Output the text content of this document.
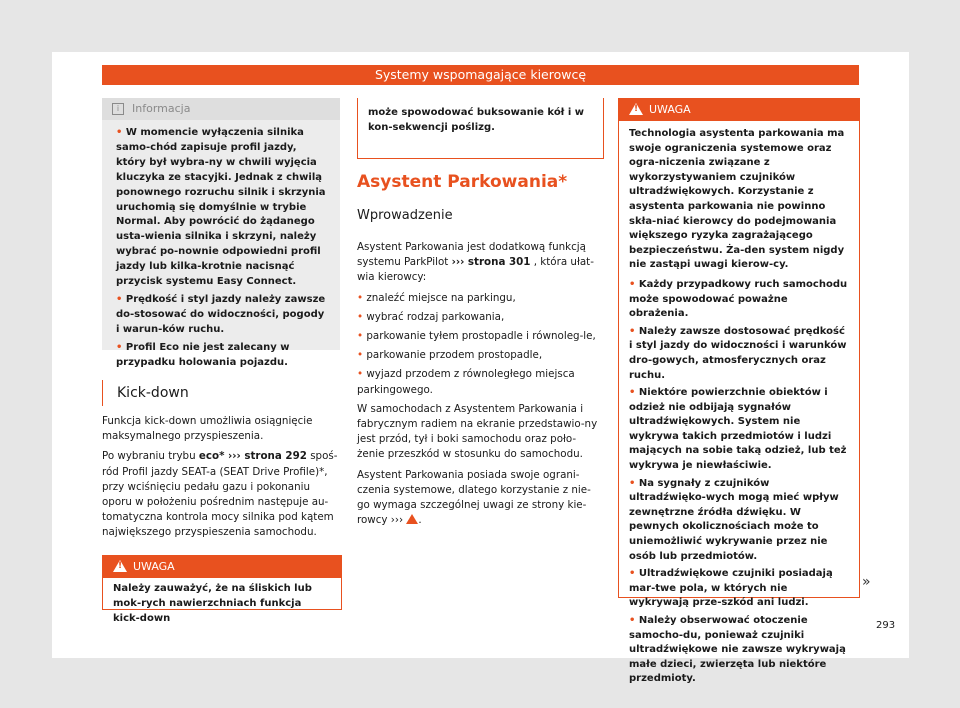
Systemy wspomagające kierowcę
i	Informacja

• W momencie wyłączenia silnika samo-chód zapisuje profil jazdy, który był wybra-ny w chwili wyjęcia kluczyka ze stacyjki. Jednak z chwilą ponownego rozruchu silnik i skrzynia uruchomią się domyślnie w trybie Normal. Aby powrócić do żądanego usta-wienia silnika i skrzyni, należy wybrać po-nownie odpowiedni profil jazdy lub kilka-krotnie nacisnąć przycisk systemu Easy Connect.

• Prędkość i styl jazdy należy zawsze do-stosować do widoczności, pogody i warun-ków ruchu.

• Profil Eco nie jest zalecany w przypadku holowania pojazdu.

Kick-down

Funkcja kick-down umożliwia osiągnięcie maksymalnego przyspieszenia.

Po wybraniu trybu eco* ››› strona 292 spoś-ród Profil jazdy SEAT-a (SEAT Drive Profile)*, przy wciśnięciu pedału gazu i pokonaniu oporu w położeniu pośrednim następuje au-tomatyczna kontrola mocy silnika pod kątem największego przyspieszenia samochodu.

!
UWAGA
Należy zauważyć, że na śliskich lub mok-rych nawierzchniach funkcja kick-down
może spowodować buksowanie kół i w kon-sekwencji poślizg.
Asystent Parkowania*
Wprowadzenie

Asystent Parkowania jest dodatkową funkcją systemu ParkPilot ››› strona 301 , która ułat-wia kierowcy:

• znaleźć miejsce na parkingu,

• wybrać rodzaj parkowania,

• parkowanie tyłem prostopadle i równoleg-le,

• parkowanie przodem prostopadle,

• wyjazd przodem z równoległego miejsca parkingowego.

W samochodach z Asystentem Parkowania i fabrycznym radiem na ekranie przedstawio-ny jest przód, tył i boki samochodu oraz poło-żenie przeszkód w stosunku do samochodu.

Asystent Parkowania posiada swoje ograni-czenia systemowe, dlatego korzystanie z nie-go wymaga szczególnej uwagi ze strony kie-rowcy ››› .

!
UWAGA

Technologia asystenta parkowania ma swoje ograniczenia systemowe oraz ogra-niczenia związane z wykorzystywaniem czujników ultradźwiękowych. Korzystanie z asystenta parkowania nie powinno skła-niać kierowcy do podejmowania większego ryzyka zagrażającego bezpieczeństwu. Ża-den system nigdy nie zastąpi uwagi kierow-cy.

• Każdy przypadkowy ruch samochodu może spowodować poważne obrażenia.

• Należy zawsze dostosować prędkość i styl jazdy do widoczności i warunków dro-gowych, atmosferycznych oraz ruchu.

• Niektóre powierzchnie obiektów i odzież nie odbijają sygnałów ultradźwiękowych. System nie wykrywa takich przedmiotów i ludzi mających na sobie taką odzież, lub też wykrywa je niewłaściwie.

• Na sygnały z czujników ultradźwięko-wych mogą mieć wpływ zewnętrzne źródła dźwięku. W pewnych okolicznościach może to uniemożliwić wykrywanie przez nie osób lub przedmiotów.

• Ultradźwiękowe czujniki posiadają mar-twe pola, w których nie wykrywają prze-szkód ani ludzi.

• Należy obserwować otoczenie samocho-du, ponieważ czujniki ultradźwiękowe nie zawsze wykrywają małe dzieci, zwierzęta lub niektóre przedmioty.

»
293
